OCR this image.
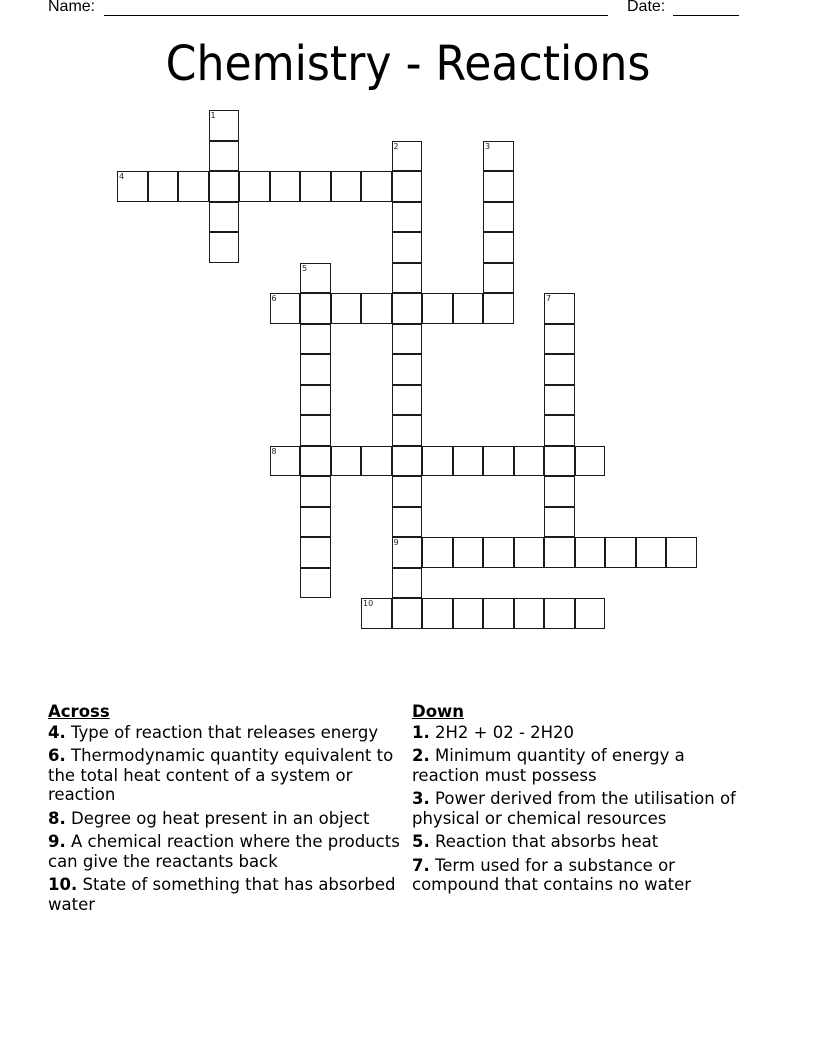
Name:	Date:
Chemistry - Reactions
1
2
9
3
4
5
6	7
8
10
Across
4. Type of reaction that releases energy
6. Thermodynamic quantity equivalent to the total heat content of a system or reaction
8. Degree og heat present in an object
9. A chemical reaction where the products can give the reactants back
10. State of something that has absorbed water
Down
1. 2H2 + 02 - 2H20
2. Minimum quantity of energy a reaction must possess
3. Power derived from the utilisation of physical or chemical resources
5. Reaction that absorbs heat
7. Term used for a substance or compound that contains no water
